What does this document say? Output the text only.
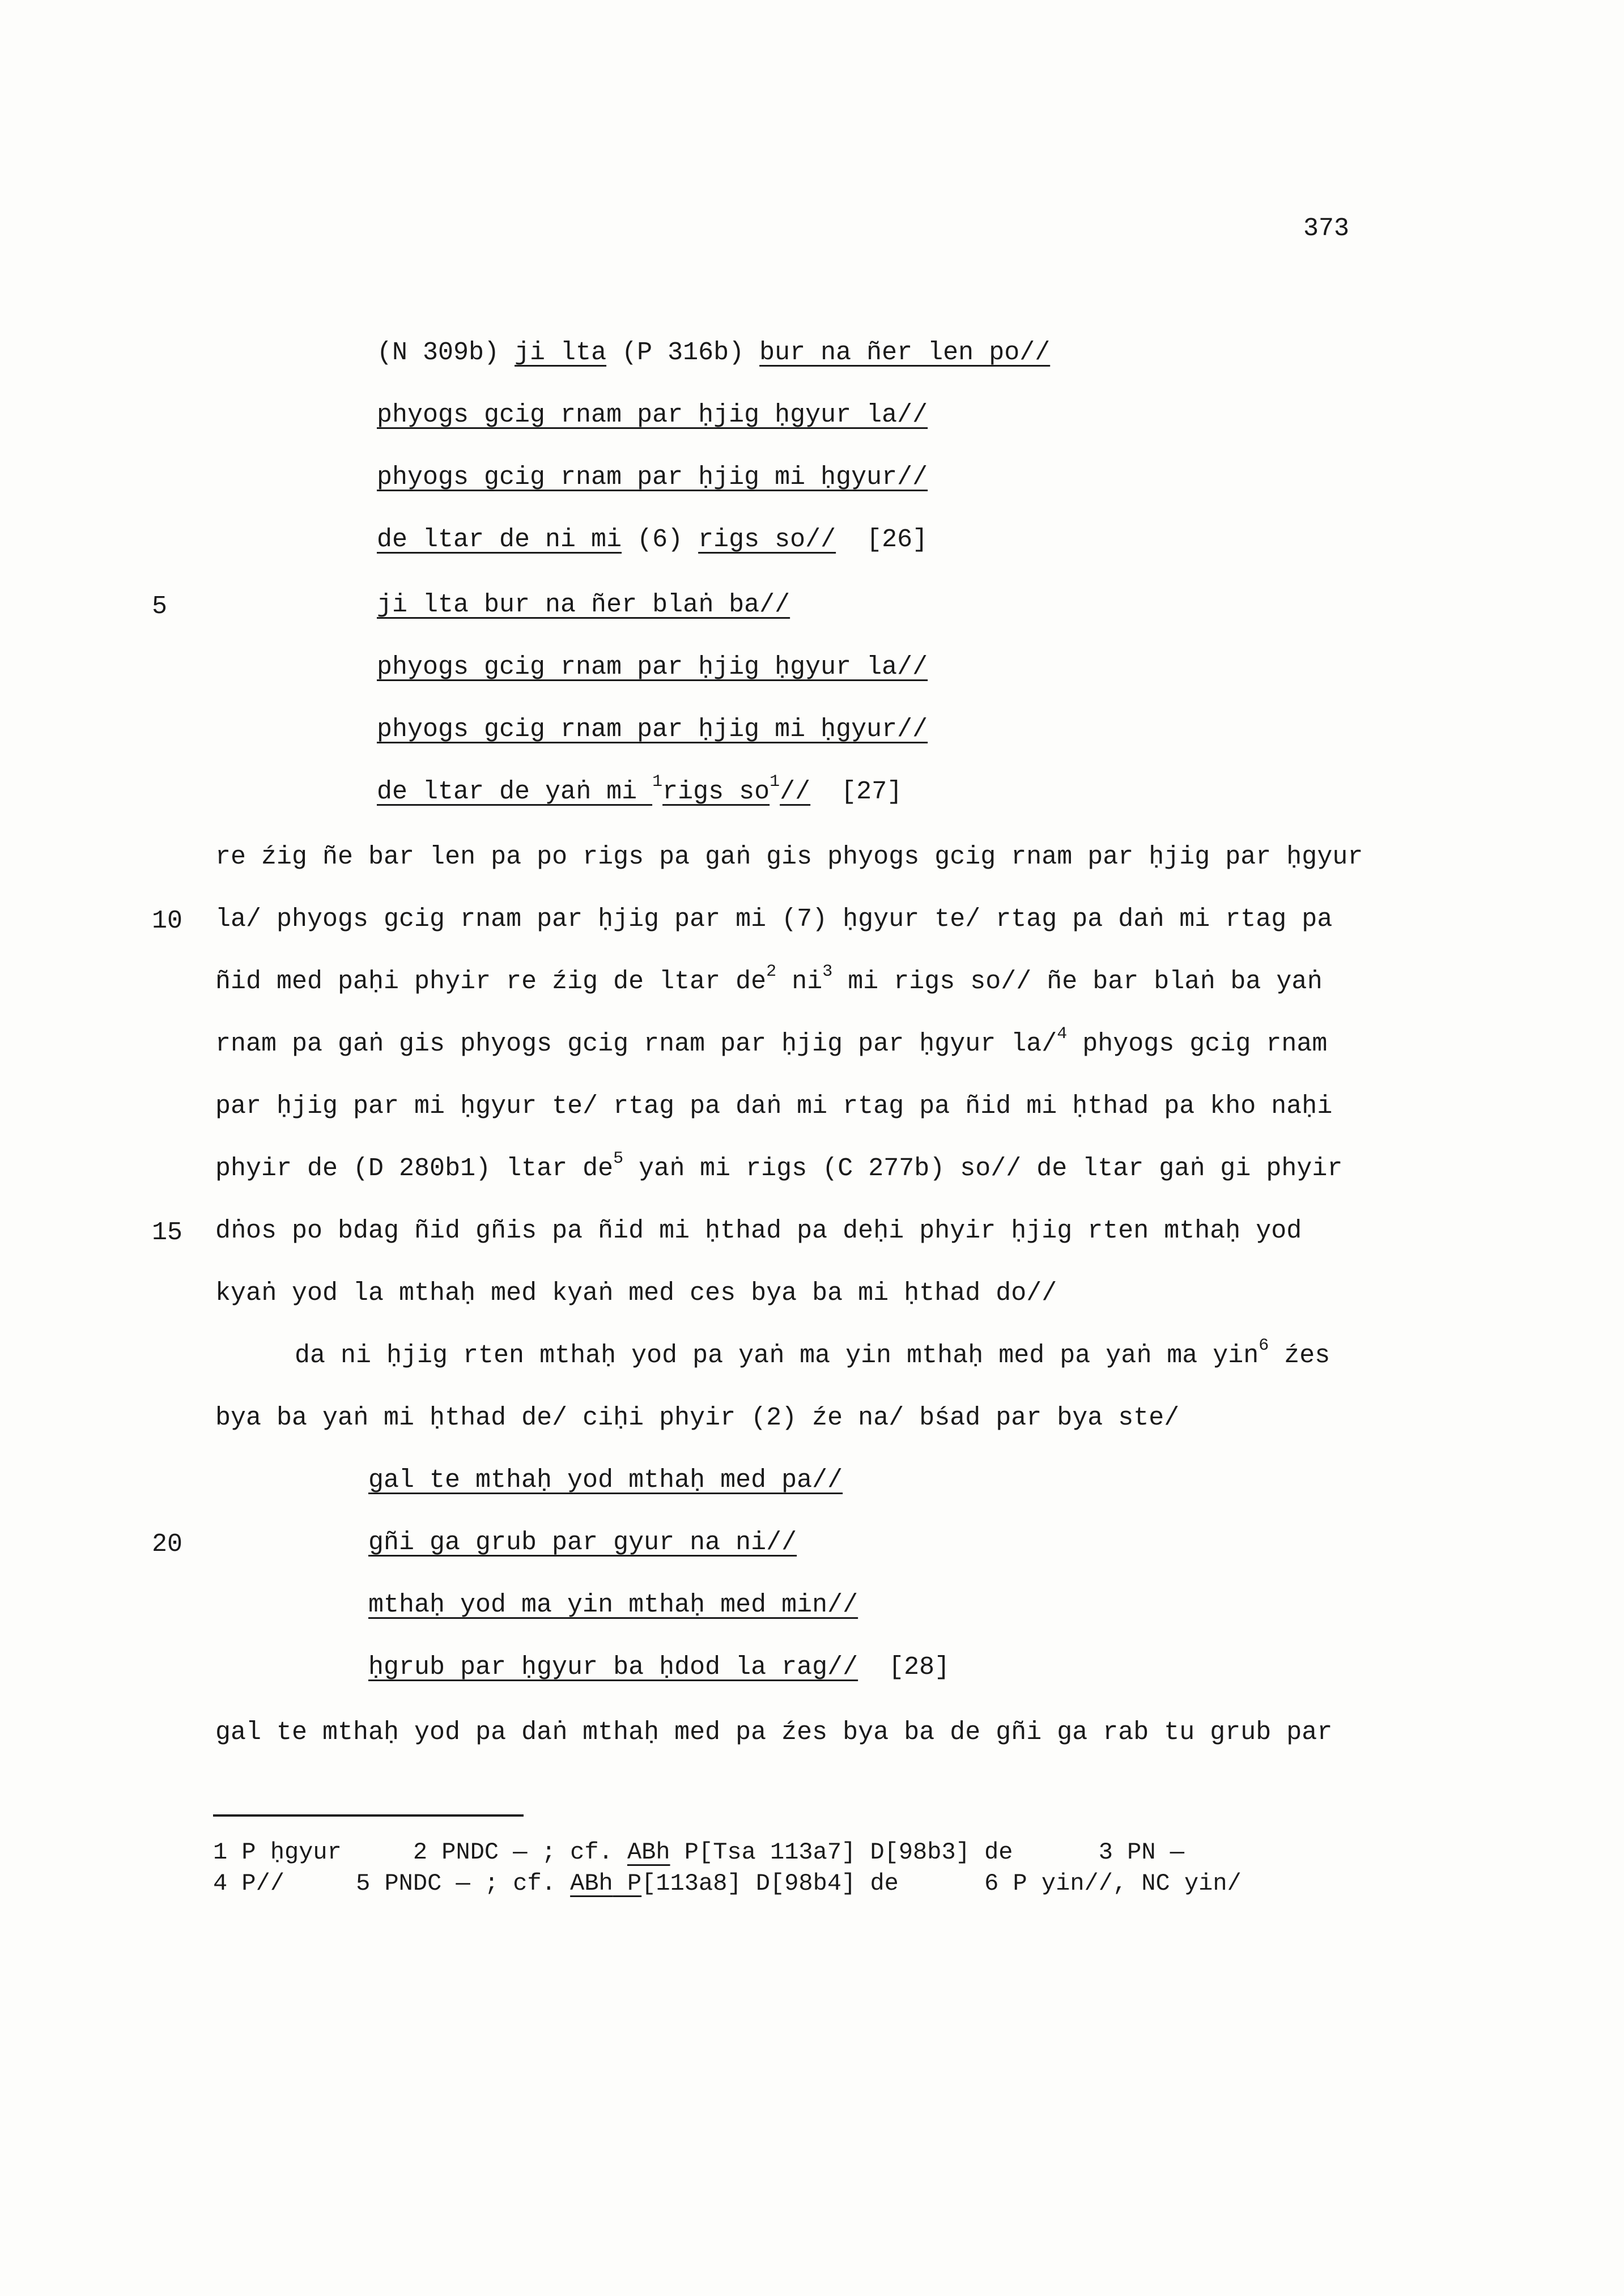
373
(N 309b) ji lta (P 316b) bur na ñer len po//
phyogs gcig rnam par ḥjig ḥgyur la//
phyogs gcig rnam par ḥjig mi ḥgyur//
de ltar de ni mi (6) rigs so//  [26]
5	ji lta bur na ñer blaṅ ba//
phyogs gcig rnam par ḥjig ḥgyur la//
phyogs gcig rnam par ḥjig mi ḥgyur//
de ltar de yaṅ mi $^1$rigs $so^1//$  [27]
re źig ñe bar len pa po rigs pa gaṅ gis phyogs gcig rnam par ḥjig par ḥgyur
10 la/ phyogs gcig rnam par ḥjig par mi (7) ḥgyur te/ rtag pa daṅ mi rtag pa
ñid med paḥi phyir re źig de ltar $de^2$ $ni^3$ mi rigs so// ñe bar blaṅ ba yaṅ
rnam pa gaṅ gis phyogs gcig rnam par ḥjig par ḥgyur la/$^4$ phyogs gcig rnam
par ḥjig par mi ḥgyur te/ rtag pa daṅ mi rtag pa ñid mi ḥthad pa kho naḥi
phyir de (D 280b1) ltar $de^5$ yaṅ mi rigs (C 277b) so// de ltar gaṅ gi phyir
15 dṅos po bdag ñid gñis pa ñid mi ḥthad pa deḥi phyir ḥjig rten mthaḥ yod
kyaṅ yod la mthaḥ med kyaṅ med ces bya ba mi ḥthad do//
da ni ḥjig rten mthaḥ yod pa yaṅ ma yin mthaḥ med pa yaṅ ma yin$^6$ źes
bya ba yaṅ mi ḥthad de/ ciḥi phyir (2) źe na/ bśad par bya ste/
gal te mthaḥ yod mthaḥ med pa//
20	gñi ga grub par gyur na ni//
mthaḥ yod ma yin mthaḥ med min//
ḥgrub par ḥgyur ba ḥdod la rag//  [28]
gal te mthaḥ yod pa daṅ mthaḥ med pa źes bya ba de gñi ga rab tu grub par
1 P ḥgyur	2 PNDC — ; cf. ABh P[Tsa 113a7] D[98b3] de	3 PN —
4 P//	5 PNDC — ; cf. ABh P[113a8] D[98b4] de	6 P yin//, NC yin/
